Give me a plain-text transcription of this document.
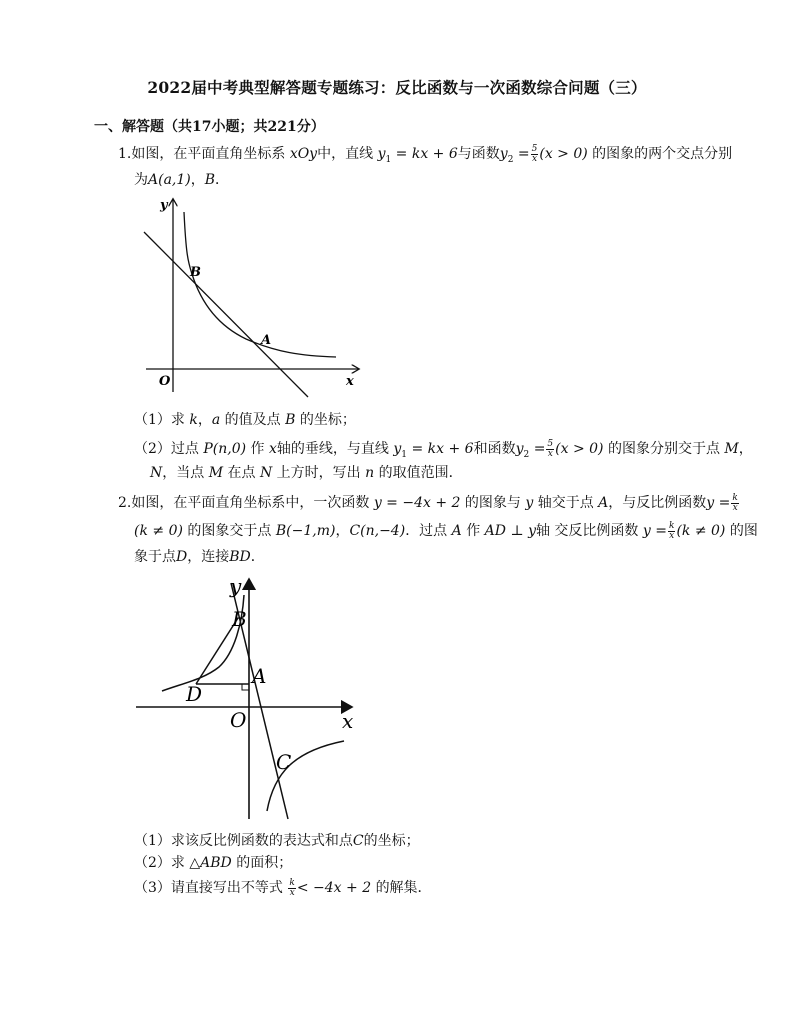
2022届中考典型解答题专题练习：反比函数与一次函数综合问题（三）
一、解答题（共17小题；共221分）
1.如图，在平面直角坐标系 xOy中，直线 $y_1$ = kx + 6与函数$y_2 = \frac{5}{x} (x > 0)$ 的图象的两个交点分别
为A(a,1)，B．
y
x
O
B
A
（1）求 k，a 的值及点 B 的坐标；
（2）过点 P(n,0) 作 x轴的垂线，与直线 $y_1$ = kx + 6和函数$y_2 = \frac{5}{x} (x > 0)$ 的图象分别交于点 M，
N，当点 M 在点 N 上方时，写出 n 的取值范围．
2.如图，在平面直角坐标系中，一次函数 y = −4x + 2 的图象与 y 轴交于点 A，与反比例函数$y = \frac{k}{x}$
(k ≠ 0) 的图象交于点 B(−1,m)，C(n,−4)．过点 A 作 AD ⊥ y轴 交反比例函数 $y = \frac{k}{x} (k \ne 0)$ 的图
象于点D，连接BD．
y
x
O
B
A
D
C
（1）求该反比例函数的表达式和点C的坐标；
（2）求 △ABD 的面积；
（3）请直接写出不等式 $\frac{k}{x} < -4x + 2$ 的解集．
